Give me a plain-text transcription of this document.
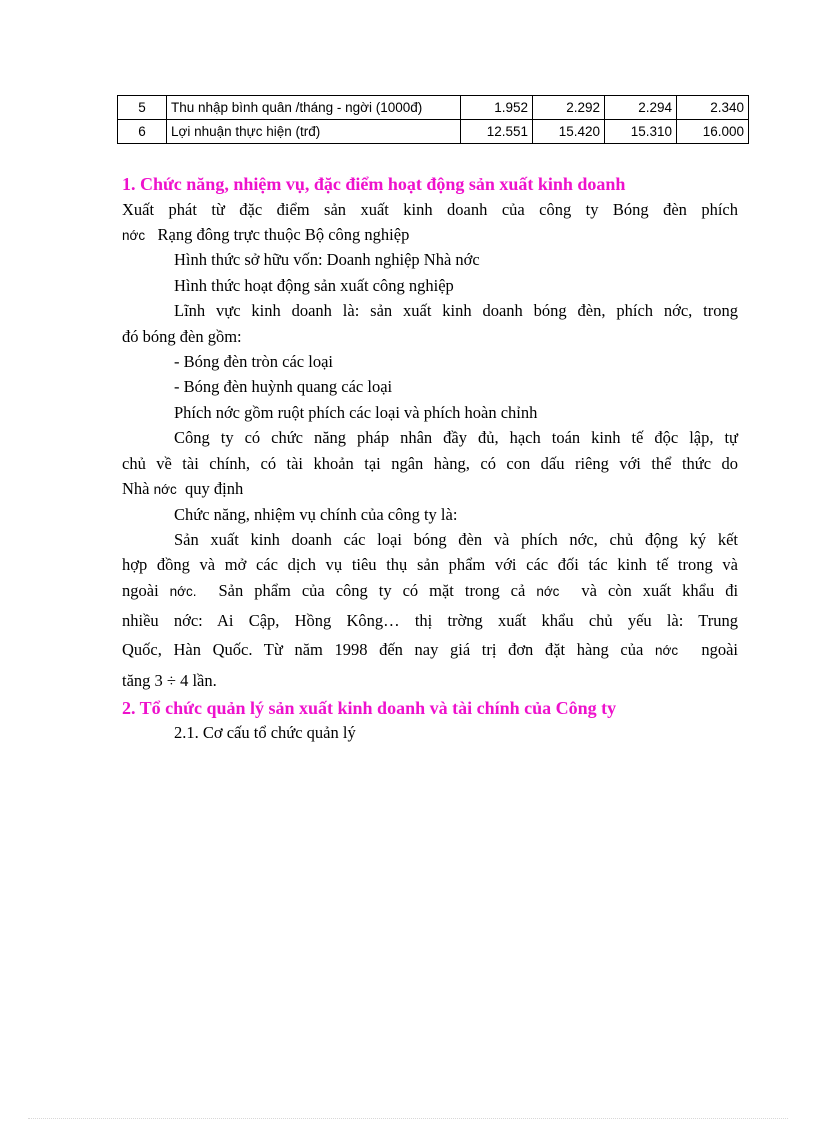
5	Thu nhập bình quân /tháng - ngời (1000đ)	1.952	2.292	2.294	2.340
6	Lợi nhuận thực hiện (trđ)	12.551	15.420	15.310	16.000
1. Chức năng, nhiệm vụ, đặc điểm hoạt động sản xuất kinh doanh

Xuất phát từ đặc điểm sản xuất kinh doanh của công ty Bóng đèn phích

nớc Rạng đông trực thuộc Bộ công nghiệp

Hình thức sở hữu vốn: Doanh nghiệp Nhà nớc

Hình thức hoạt động sản xuất công nghiệp

Lĩnh vực kinh doanh là: sản xuất kinh doanh bóng đèn, phích nớc, trong

đó bóng đèn gồm:

- Bóng đèn tròn các loại

- Bóng đèn huỳnh quang các loại

Phích nớc gồm ruột phích các loại và phích hoàn chỉnh

Công ty có chức năng pháp nhân đầy đủ, hạch toán kinh tế độc lập, tự

chủ về tài chính, có tài khoản tại ngân hàng, có con dấu riêng với thể thức do

Nhà nớc quy định

Chức năng, nhiệm vụ chính của công ty là:

Sản xuất kinh doanh các loại bóng đèn và phích nớc, chủ động ký kết

hợp đồng và mở các dịch vụ tiêu thụ sản phẩm với các đối tác kinh tế trong và

ngoài nớc. Sản phẩm của công ty có mặt trong cả nớc và còn xuất khẩu đi

nhiều nớc: Ai Cập, Hồng Kông… thị trờng xuất khẩu chủ yếu là: Trung

Quốc, Hàn Quốc. Từ năm 1998 đến nay giá trị đơn đặt hàng của nớc ngoài

tăng 3 ÷ 4 lần.

2. Tổ chức quản lý sản xuất kinh doanh và tài chính của Công ty

2.1. Cơ cấu tổ chức quản lý
